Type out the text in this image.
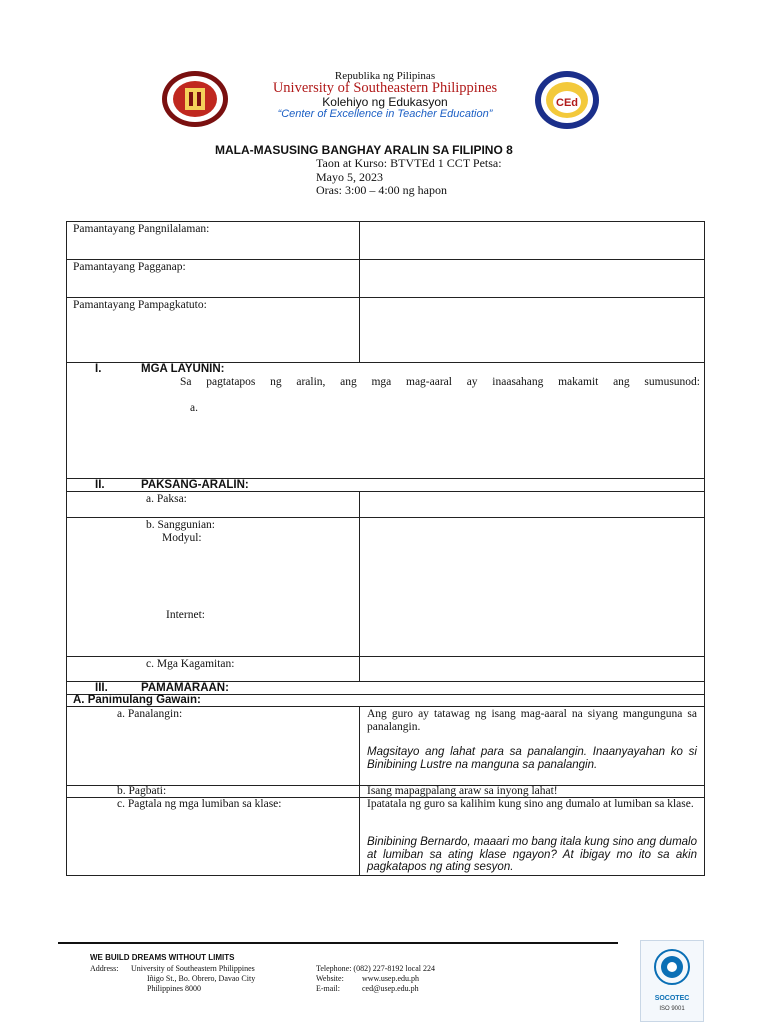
CEd
Republika ng Pilipinas
University of Southeastern Philippines
Kolehiyo ng Edukasyon
“Center of Excellence in Teacher Education”
MALA-MASUSING BANGHAY ARALIN SA FILIPINO 8
Taon at Kurso: BTVTEd 1 CCT Petsa:
Mayo 5, 2023
Oras: 3:00 – 4:00 ng hapon
Pamantayang Pangnilalaman:
Pamantayang Pagganap:
Pamantayang Pampagkatuto:
I.	MGA LAYUNIN:
Sa pagtatapos ng aralin, ang mga mag-aaral ay inaasahang makamit ang sumusunod:
a.
II.	PAKSANG-ARALIN:
a. Paksa:
b. Sanggunian:
Modyul:
Internet:
c. Mga Kagamitan:
III.	PAMAMARAAN:
A. Panimulang Gawain:
a. Panalangin:	Ang guro ay tatawag ng isang mag-aaral na siyang mangunguna sa panalangin.
Magsitayo ang lahat para sa panalangin. Inaanyayahan ko si Binibining Lustre na manguna sa panalangin.
b. Pagbati:	Isang mapagpalang araw sa inyong lahat!
c. Pagtala ng mga lumiban sa klase:	Ipatatala ng guro sa kalihim kung sino ang dumalo at lumiban sa klase.
Binibining Bernardo, maaari mo bang itala kung sino ang dumalo at lumiban sa ating klase ngayon? At ibigay mo ito sa akin pagkatapos ng ating sesyon.
WE BUILD DREAMS WITHOUT LIMITS
Address: University of Southeastern Philippines
Iñigo St., Bo. Obrero, Davao City
Philippines 8000
Telephone: (082) 227-8192 local 224
Website: www.usep.edu.ph
E-mail:	ced@usep.edu.ph
SOCOTEC
ISO 9001
